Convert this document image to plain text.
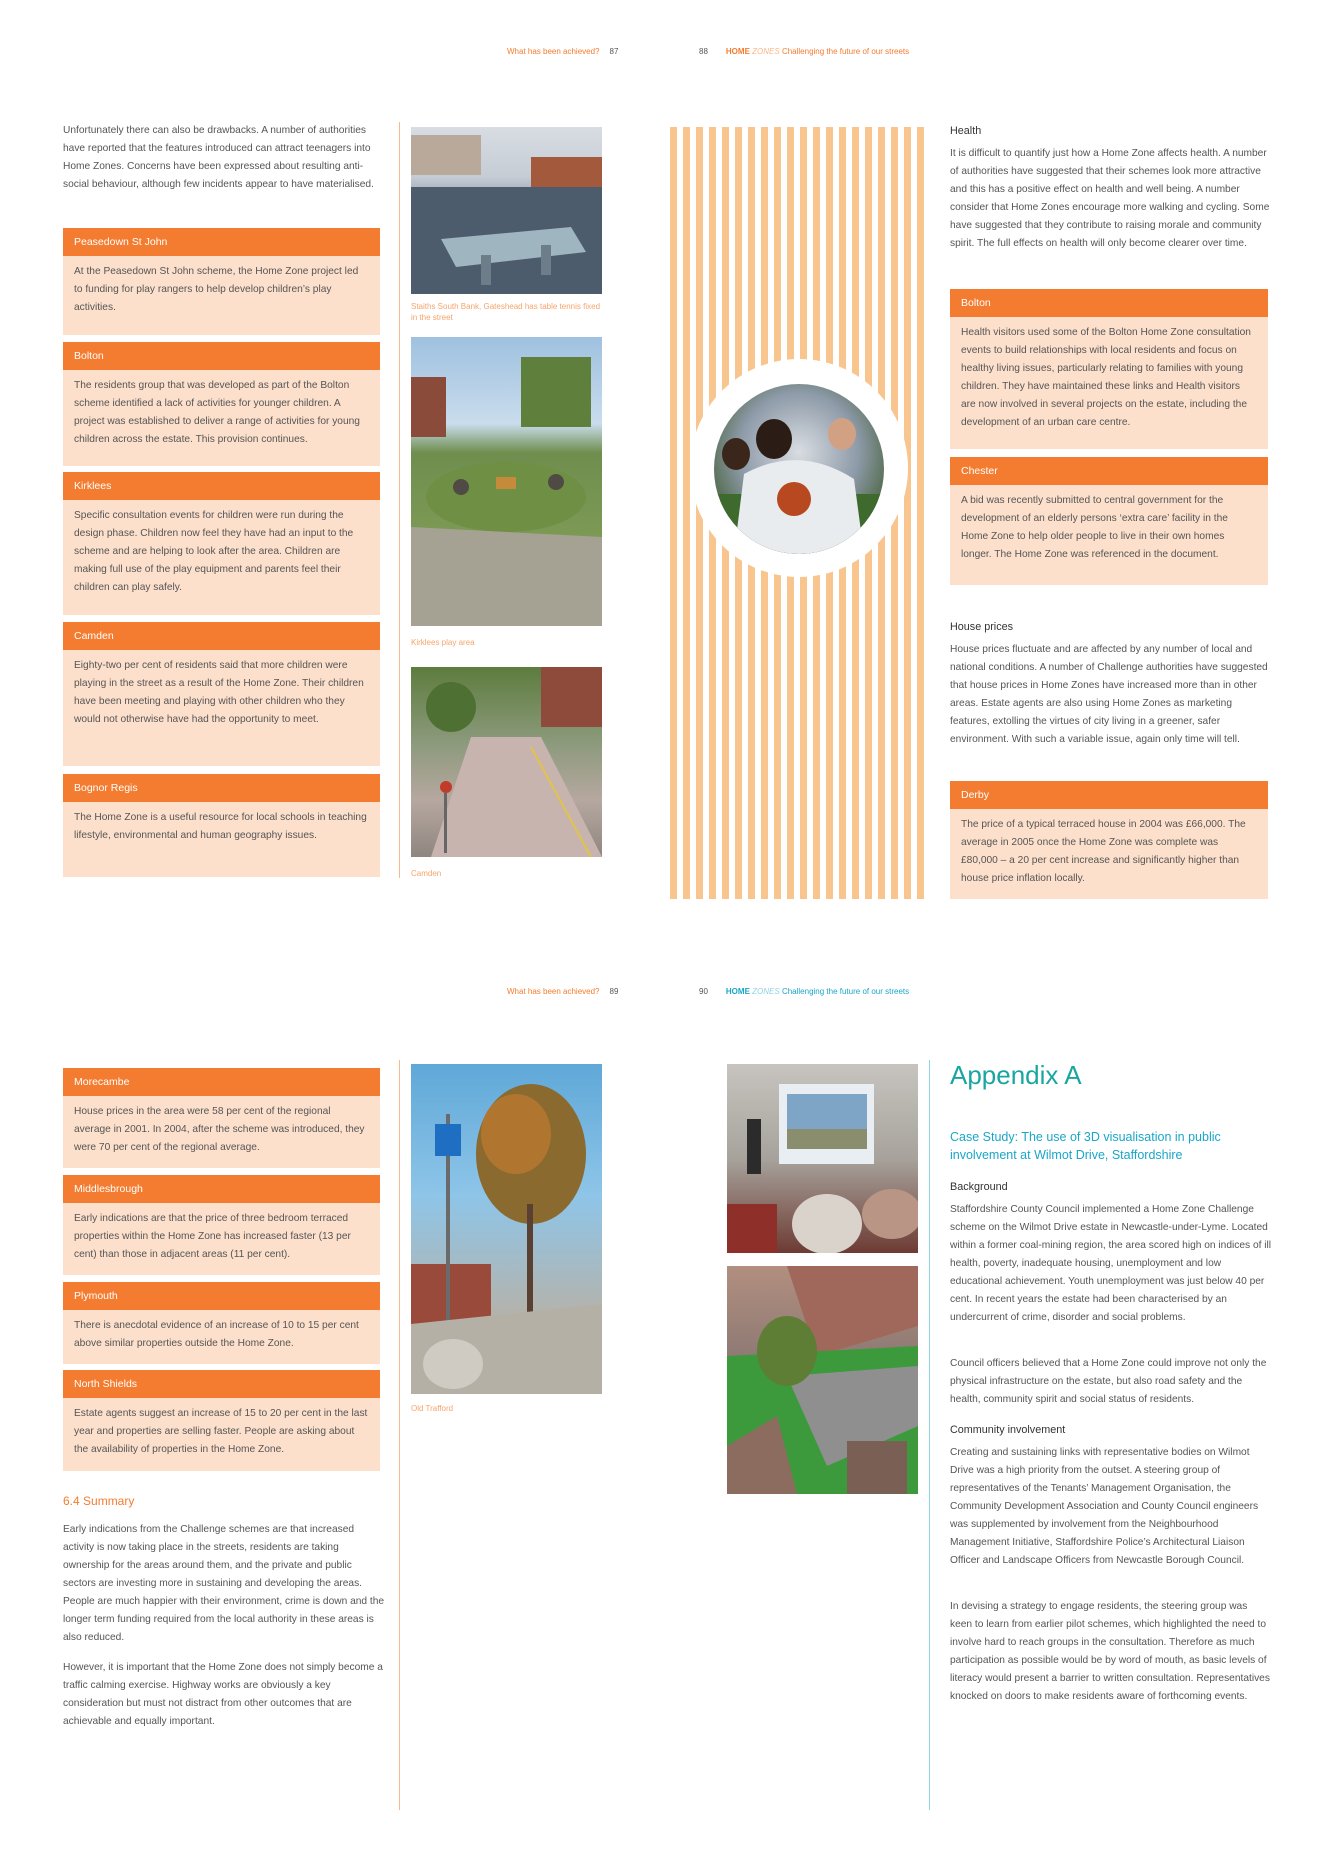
What has been achieved? 87	88 HOME ZONES Challenging the future of our streets
Unfortunately there can also be drawbacks. A number of authorities have reported that the features introduced can attract teenagers into Home Zones. Concerns have been expressed about resulting anti-social behaviour, although few incidents appear to have materialised.
Peasedown St John
At the Peasedown St John scheme, the Home Zone project led to funding for play rangers to help develop children’s play activities.
Bolton
The residents group that was developed as part of the Bolton scheme identified a lack of activities for younger children. A project was established to deliver a range of activities for young children across the estate. This provision continues.
Kirklees
Specific consultation events for children were run during the design phase. Children now feel they have had an input to the scheme and are helping to look after the area. Children are making full use of the play equipment and parents feel their children can play safely.
Camden
Eighty-two per cent of residents said that more children were playing in the street as a result of the Home Zone. Their children have been meeting and playing with other children who they would not otherwise have had the opportunity to meet.
Bognor Regis
The Home Zone is a useful resource for local schools in teaching lifestyle, environmental and human geography issues.
Staiths South Bank, Gateshead has table tennis fixed in the street
Kirklees play area
Camden
Health
It is difficult to quantify just how a Home Zone affects health. A number of authorities have suggested that their schemes look more attractive and this has a positive effect on health and well being. A number consider that Home Zones encourage more walking and cycling. Some have suggested that they contribute to raising morale and community spirit. The full effects on health will only become clearer over time.
Bolton
Health visitors used some of the Bolton Home Zone consultation events to build relationships with local residents and focus on healthy living issues, particularly relating to families with young children. They have maintained these links and Health visitors are now involved in several projects on the estate, including the development of an urban care centre.
Chester
A bid was recently submitted to central government for the development of an elderly persons ‘extra care’ facility in the Home Zone to help older people to live in their own homes longer. The Home Zone was referenced in the document.
House prices
House prices fluctuate and are affected by any number of local and national conditions. A number of Challenge authorities have suggested that house prices in Home Zones have increased more than in other areas. Estate agents are also using Home Zones as marketing features, extolling the virtues of city living in a greener, safer environment. With such a variable issue, again only time will tell.
Derby
The price of a typical terraced house in 2004 was £66,000. The average in 2005 once the Home Zone was complete was £80,000 – a 20 per cent increase and significantly higher than house price inflation locally.
What has been achieved? 89	90 HOME ZONES Challenging the future of our streets
Morecambe
House prices in the area were 58 per cent of the regional average in 2001. In 2004, after the scheme was introduced, they were 70 per cent of the regional average.
Middlesbrough
Early indications are that the price of three bedroom terraced properties within the Home Zone has increased faster (13 per cent) than those in adjacent areas (11 per cent).
Plymouth
There is anecdotal evidence of an increase of 10 to 15 per cent above similar properties outside the Home Zone.
North Shields
Estate agents suggest an increase of 15 to 20 per cent in the last year and properties are selling faster. People are asking about the availability of properties in the Home Zone.
6.4 Summary
Early indications from the Challenge schemes are that increased activity is now taking place in the streets, residents are taking ownership for the areas around them, and the private and public sectors are investing more in sustaining and developing the areas. People are much happier with their environment, crime is down and the longer term funding required from the local authority in these areas is also reduced.
However, it is important that the Home Zone does not simply become a traffic calming exercise. Highway works are obviously a key consideration but must not distract from other outcomes that are achievable and equally important.
Old Trafford
Appendix A
Case Study: The use of 3D visualisation in public involvement at Wilmot Drive, Staffordshire
Background
Staffordshire County Council implemented a Home Zone Challenge scheme on the Wilmot Drive estate in Newcastle-under-Lyme. Located within a former coal-mining region, the area scored high on indices of ill health, poverty, inadequate housing, unemployment and low educational achievement. Youth unemployment was just below 40 per cent. In recent years the estate had been characterised by an undercurrent of crime, disorder and social problems.
Council officers believed that a Home Zone could improve not only the physical infrastructure on the estate, but also road safety and the health, community spirit and social status of residents.
Community involvement
Creating and sustaining links with representative bodies on Wilmot Drive was a high priority from the outset. A steering group of representatives of the Tenants’ Management Organisation, the Community Development Association and County Council engineers was supplemented by involvement from the Neighbourhood Management Initiative, Staffordshire Police’s Architectural Liaison Officer and Landscape Officers from Newcastle Borough Council.
In devising a strategy to engage residents, the steering group was keen to learn from earlier pilot schemes, which highlighted the need to involve hard to reach groups in the consultation. Therefore as much participation as possible would be by word of mouth, as basic levels of literacy would present a barrier to written consultation. Representatives knocked on doors to make residents aware of forthcoming events.
